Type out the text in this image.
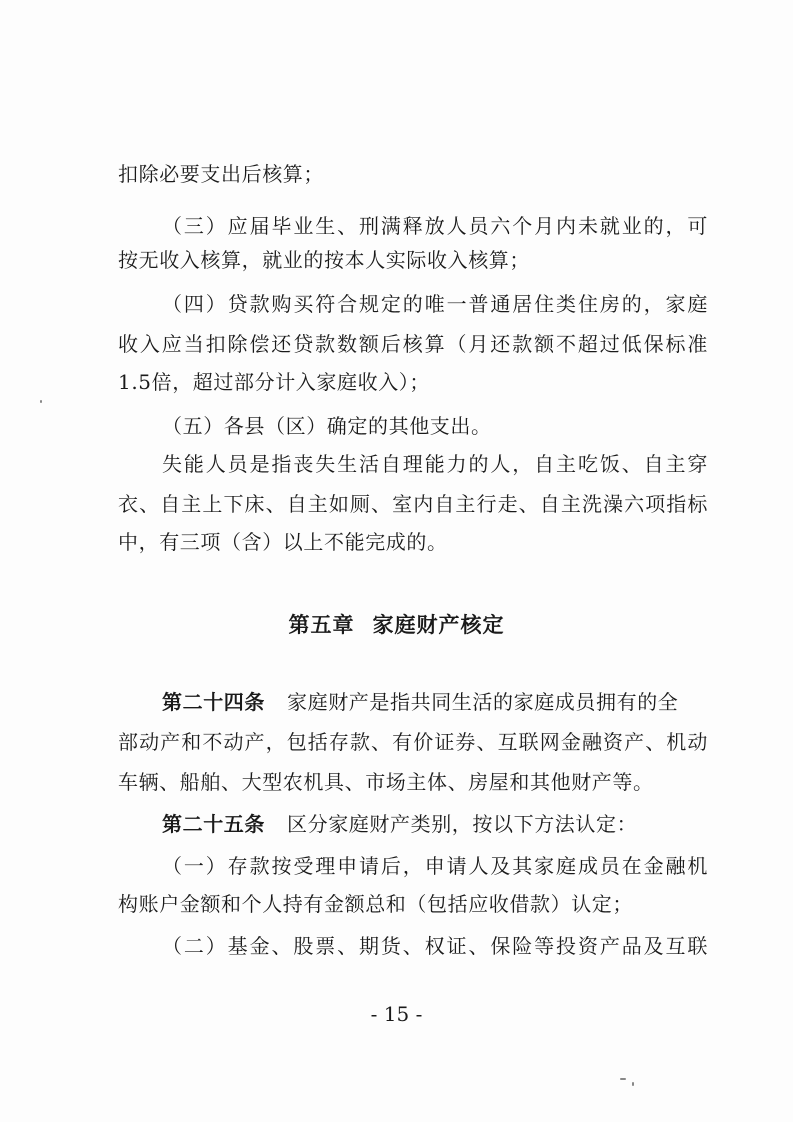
扣除必要支出后核算；
（三）应届毕业生、刑满释放人员六个月内未就业的，可
按无收入核算，就业的按本人实际收入核算；
（四）贷款购买符合规定的唯一普通居住类住房的，家庭
收入应当扣除偿还贷款数额后核算（月还款额不超过低保标准
1.5倍，超过部分计入家庭收入）；
（五）各县（区）确定的其他支出。
失能人员是指丧失生活自理能力的人，自主吃饭、自主穿
衣、自主上下床、自主如厕、室内自主行走、自主洗澡六项指标
中，有三项（含）以上不能完成的。
第五章 家庭财产核定
第二十四条 家庭财产是指共同生活的家庭成员拥有的全
部动产和不动产，包括存款、有价证券、互联网金融资产、机动
车辆、船舶、大型农机具、市场主体、房屋和其他财产等。
第二十五条 区分家庭财产类别，按以下方法认定：
（一）存款按受理申请后，申请人及其家庭成员在金融机
构账户金额和个人持有金额总和（包括应收借款）认定；
（二）基金、股票、期货、权证、保险等投资产品及互联
- 15 -
